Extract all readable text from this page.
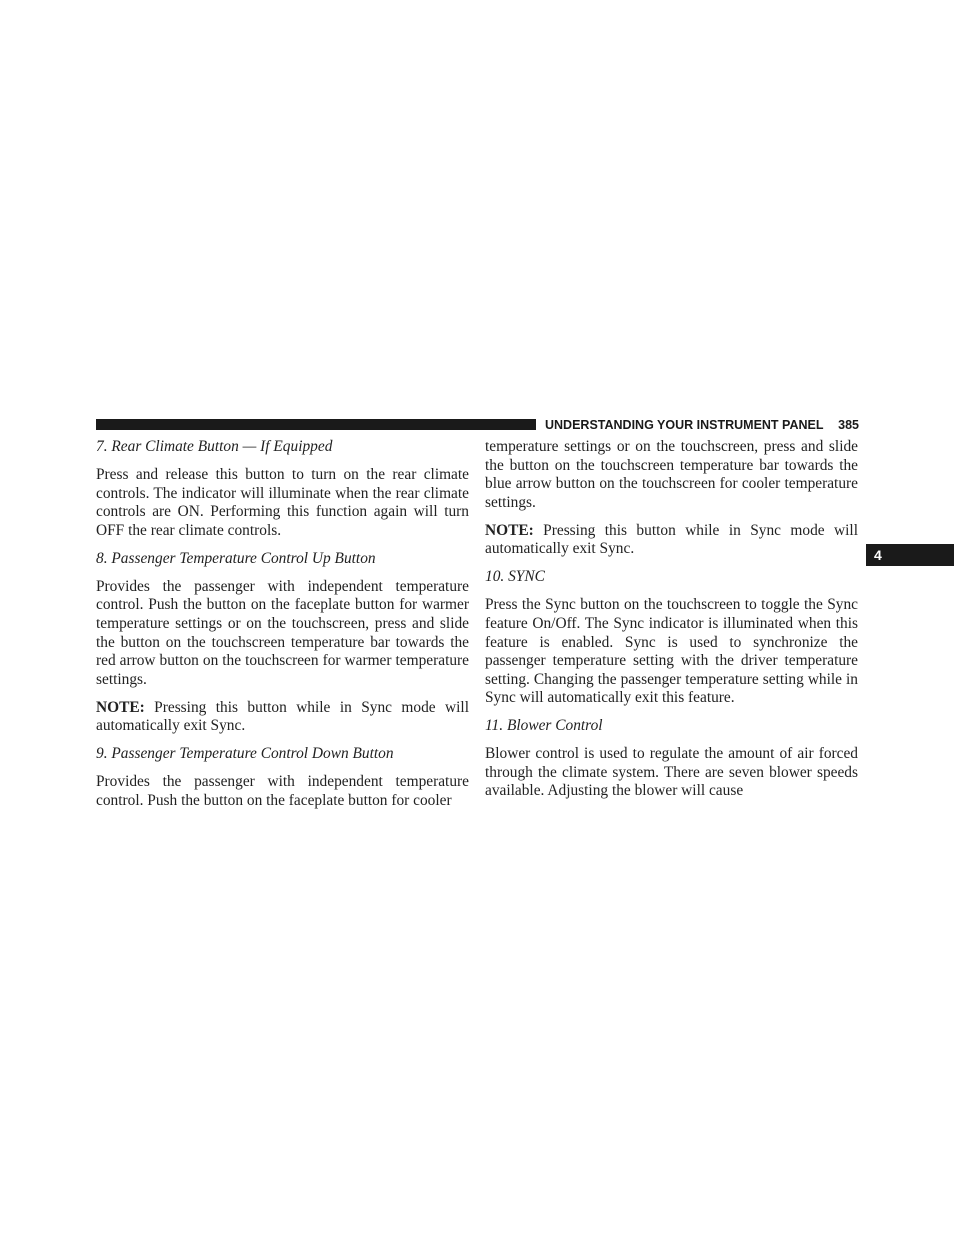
UNDERSTANDING YOUR INSTRUMENT PANEL 385
4
7. Rear Climate Button — If Equipped

Press and release this button to turn on the rear climate controls. The indicator will illuminate when the rear climate controls are ON. Performing this function again will turn OFF the rear climate controls.

8. Passenger Temperature Control Up Button

Provides the passenger with independent temperature control. Push the button on the faceplate button for warmer temperature settings or on the touchscreen, press and slide the button on the touchscreen temperature bar towards the red arrow button on the touchscreen for warmer temperature settings.

NOTE: Pressing this button while in Sync mode will automatically exit Sync.

9. Passenger Temperature Control Down Button

Provides the passenger with independent temperature control. Push the button on the faceplate button for cooler

temperature settings or on the touchscreen, press and slide the button on the touchscreen temperature bar towards the blue arrow button on the touchscreen for cooler temperature settings.

NOTE: Pressing this button while in Sync mode will automatically exit Sync.

10. SYNC

Press the Sync button on the touchscreen to toggle the Sync feature On/Off. The Sync indicator is illuminated when this feature is enabled. Sync is used to synchronize the passenger temperature setting with the driver temperature setting. Changing the passenger temperature setting while in Sync will automatically exit this feature.

11. Blower Control

Blower control is used to regulate the amount of air forced through the climate system. There are seven blower speeds available. Adjusting the blower will cause
